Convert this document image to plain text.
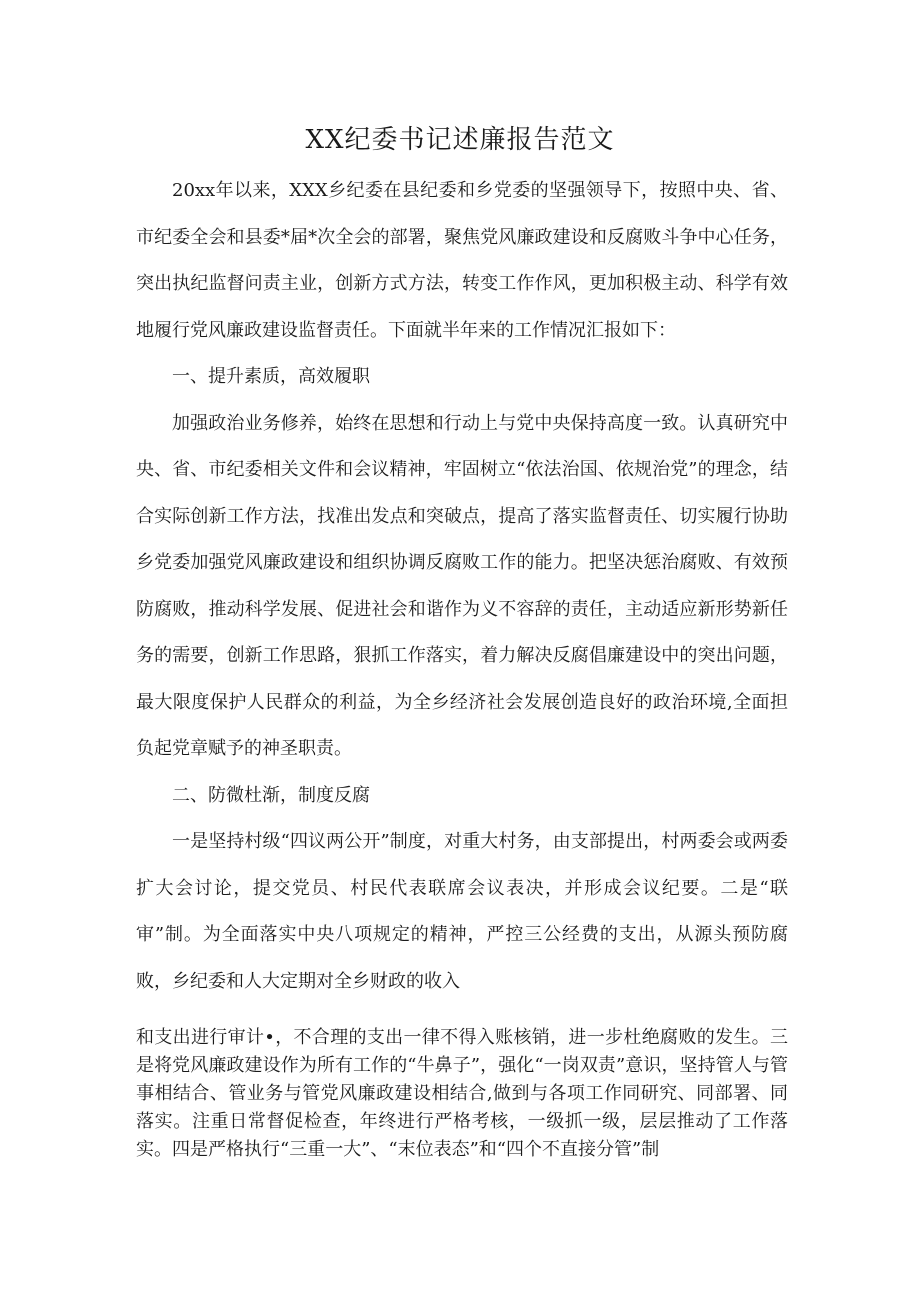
XX纪委书记述廉报告范文

20xx年以来，XXX乡纪委在县纪委和乡党委的坚强领导下，按照中央、省、市纪委全会和县委*届*次全会的部署，聚焦党风廉政建设和反腐败斗争中心任务，突出执纪监督问责主业，创新方式方法，转变工作作风，更加积极主动、科学有效地履行党风廉政建设监督责任。下面就半年来的工作情况汇报如下：

一、提升素质，高效履职

加强政治业务修养，始终在思想和行动上与党中央保持高度一致。认真研究中央、省、市纪委相关文件和会议精神，牢固树立“依法治国、依规治党”的理念，结合实际创新工作方法，找准出发点和突破点，提高了落实监督责任、切实履行协助乡党委加强党风廉政建设和组织协调反腐败工作的能力。把坚决惩治腐败、有效预防腐败，推动科学发展、促进社会和谐作为义不容辞的责任，主动适应新形势新任务的需要，创新工作思路，狠抓工作落实，着力解决反腐倡廉建设中的突出问题，最大限度保护人民群众的利益，为全乡经济社会发展创造良好的政治环境,全面担负起党章赋予的神圣职责。

二、防微杜渐，制度反腐

一是坚持村级“四议两公开”制度，对重大村务，由支部提出，村两委会或两委扩大会讨论，提交党员、村民代表联席会议表决，并形成会议纪要。二是“联审”制。为全面落实中央八项规定的精神，严控三公经费的支出，从源头预防腐败，乡纪委和人大定期对全乡财政的收入

和支出进行审计•，不合理的支出一律不得入账核销，进一步杜绝腐败的发生。三是将党风廉政建设作为所有工作的“牛鼻子”，强化“一岗双责”意识，坚持管人与管事相结合、管业务与管党风廉政建设相结合,做到与各项工作同研究、同部署、同落实。注重日常督促检查，年终进行严格考核，一级抓一级，层层推动了工作落实。四是严格执行“三重一大”、“末位表态”和“四个不直接分管”制
